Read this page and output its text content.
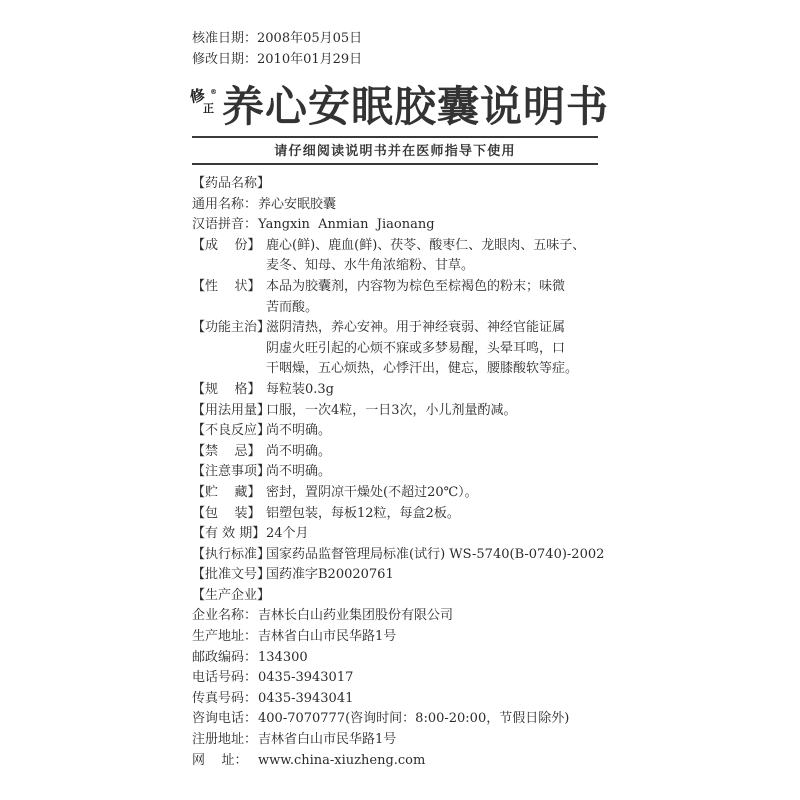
核准日期：2008年05月05日
修改日期：2010年01月29日
修
正
® 养心安眠胶囊说明书
请仔细阅读说明书并在医师指导下使用
【药品名称】
通用名称： 养心安眠胶囊
汉语拼音： Yangxin  Anmian  Jiaonang
【成    份】 鹿心(鲜)、鹿血(鲜)、茯苓、酸枣仁、龙眼肉、五味子、
麦冬、知母、水牛角浓缩粉、甘草。
【性    状】 本品为胶囊剂，内容物为棕色至棕褐色的粉末；味微
苦而酸。
【功能主治】
滋阴清热，养心安神。用于神经衰弱、神经官能证属
阴虚火旺引起的心烦不寐或多梦易醒，头晕耳鸣，口
干咽燥，五心烦热，心悸汗出，健忘，腰膝酸软等症。
【规    格】 每粒装0.3g
【用法用量】
口服，一次4粒，一日3次，小儿剂量酌减。
【不良反应】
尚不明确。
【禁    忌】 尚不明确。
【注意事项】
尚不明确。
【贮    藏】 密封，置阴凉干燥处(不超过20℃）。
【包    装】 铝塑包装，每板12粒，每盒2板。
【有 效 期】 24个月
【执行标准】
国家药品监督管理局标准(试行) WS-5740(B-0740)-2002
【批准文号】
国药准字B20020761
【生产企业】
企业名称： 吉林长白山药业集团股份有限公司
生产地址： 吉林省白山市民华路1号
邮政编码： 134300
电话号码： 0435-3943017
传真号码： 0435-3943041
咨询电话： 400-7070777(咨询时间：8:00-20:00，节假日除外)
注册地址： 吉林省白山市民华路1号
网    址： www.china-xiuzheng.com
